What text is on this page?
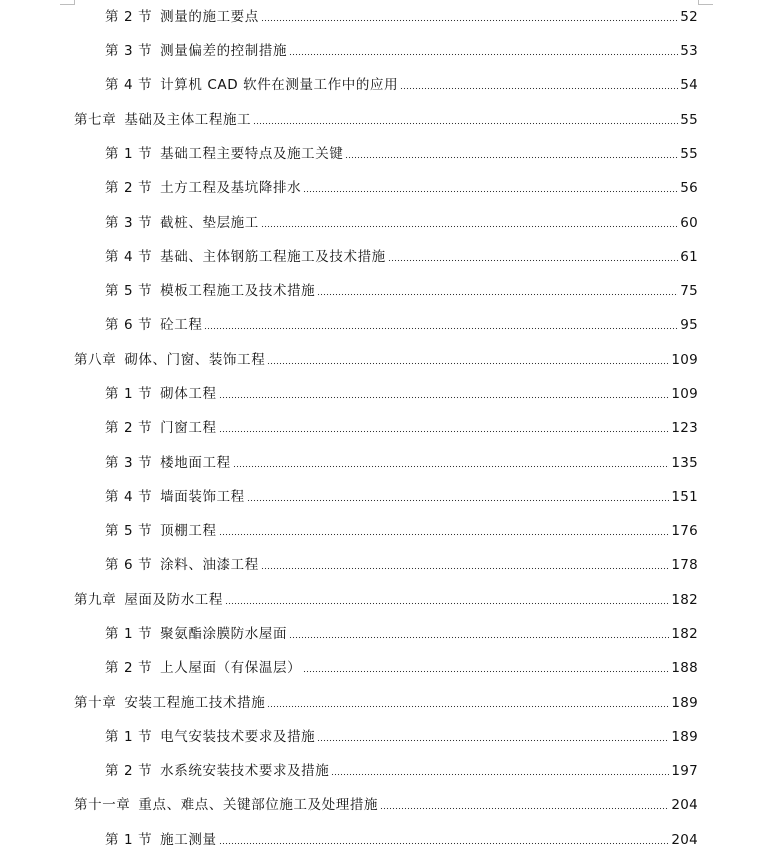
第 2 节 测量的施工要点	52
第 3 节 测量偏差的控制措施	53
第 4 节 计算机 CAD 软件在测量工作中的应用	54
第七章 基础及主体工程施工	55
第 1 节 基础工程主要特点及施工关键	55
第 2 节 土方工程及基坑降排水	56
第 3 节 截桩、垫层施工	60
第 4 节 基础、主体钢筋工程施工及技术措施	61
第 5 节 模板工程施工及技术措施	75
第 6 节 砼工程	95
第八章 砌体、门窗、装饰工程	109
第 1 节 砌体工程	109
第 2 节 门窗工程	123
第 3 节 楼地面工程	135
第 4 节 墙面装饰工程	151
第 5 节 顶棚工程	176
第 6 节 涂料、油漆工程	178
第九章 屋面及防水工程	182
第 1 节 聚氨酯涂膜防水屋面	182
第 2 节 上人屋面（有保温层）	188
第十章 安装工程施工技术措施	189
第 1 节 电气安装技术要求及措施	189
第 2 节 水系统安装技术要求及措施	197
第十一章 重点、难点、关键部位施工及处理措施	204
第 1 节 施工测量	204
